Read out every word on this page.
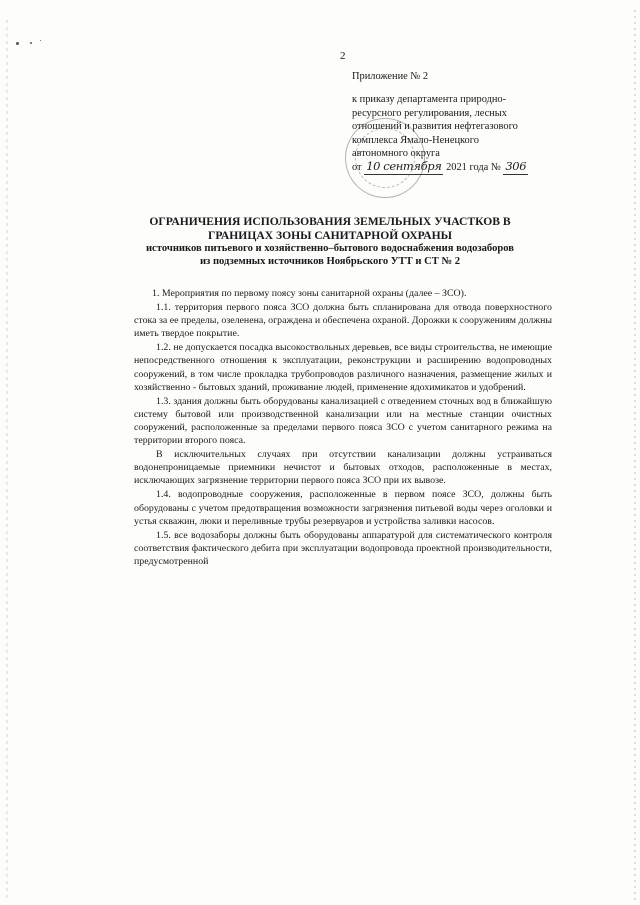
2
Приложение № 2
к приказу департамента природно-
ресурсного регулирования, лесных
отношений и развития нефтегазового
комплекса Ямало-Ненецкого
автономного округа
от 10 сентября 2021 года № 306
ОГРАНИЧЕНИЯ ИСПОЛЬЗОВАНИЯ ЗЕМЕЛЬНЫХ УЧАСТКОВ В
ГРАНИЦАХ ЗОНЫ САНИТАРНОЙ ОХРАНЫ
источников питьевого и хозяйственно–бытового водоснабжения водозаборов
из подземных источников Ноябрьского УТТ и СТ № 2

1. Мероприятия по первому поясу зоны санитарной охраны (далее – ЗСО).

1.1. территория первого пояса ЗСО должна быть спланирована для отвода поверхностного стока за ее пределы, озеленена, ограждена и обеспечена охраной. Дорожки к сооружениям должны иметь твердое покрытие.

1.2. не допускается посадка высокоствольных деревьев, все виды строительства, не имеющие непосредственного отношения к эксплуатации, реконструкции и расширению водопроводных сооружений, в том числе прокладка трубопроводов различного назначения, размещение жилых и хозяйственно - бытовых зданий, проживание людей, применение ядохимикатов и удобрений.

1.3. здания должны быть оборудованы канализацией с отведением сточных вод в ближайшую систему бытовой или производственной канализации или на местные станции очистных сооружений, расположенные за пределами первого пояса ЗСО с учетом санитарного режима на территории второго пояса.

В исключительных случаях при отсутствии канализации должны устраиваться водонепроницаемые приемники нечистот и бытовых отходов, расположенные в местах, исключающих загрязнение территории первого пояса ЗСО при их вывозе.

1.4. водопроводные сооружения, расположенные в первом поясе ЗСО, должны быть оборудованы с учетом предотвращения возможности загрязнения питьевой воды через оголовки и устья скважин, люки и переливные трубы резервуаров и устройства заливки насосов.

1.5. все водозаборы должны быть оборудованы аппаратурой для систематического контроля соответствия фактического дебита при эксплуатации водопровода проектной производительности, предусмотренной
